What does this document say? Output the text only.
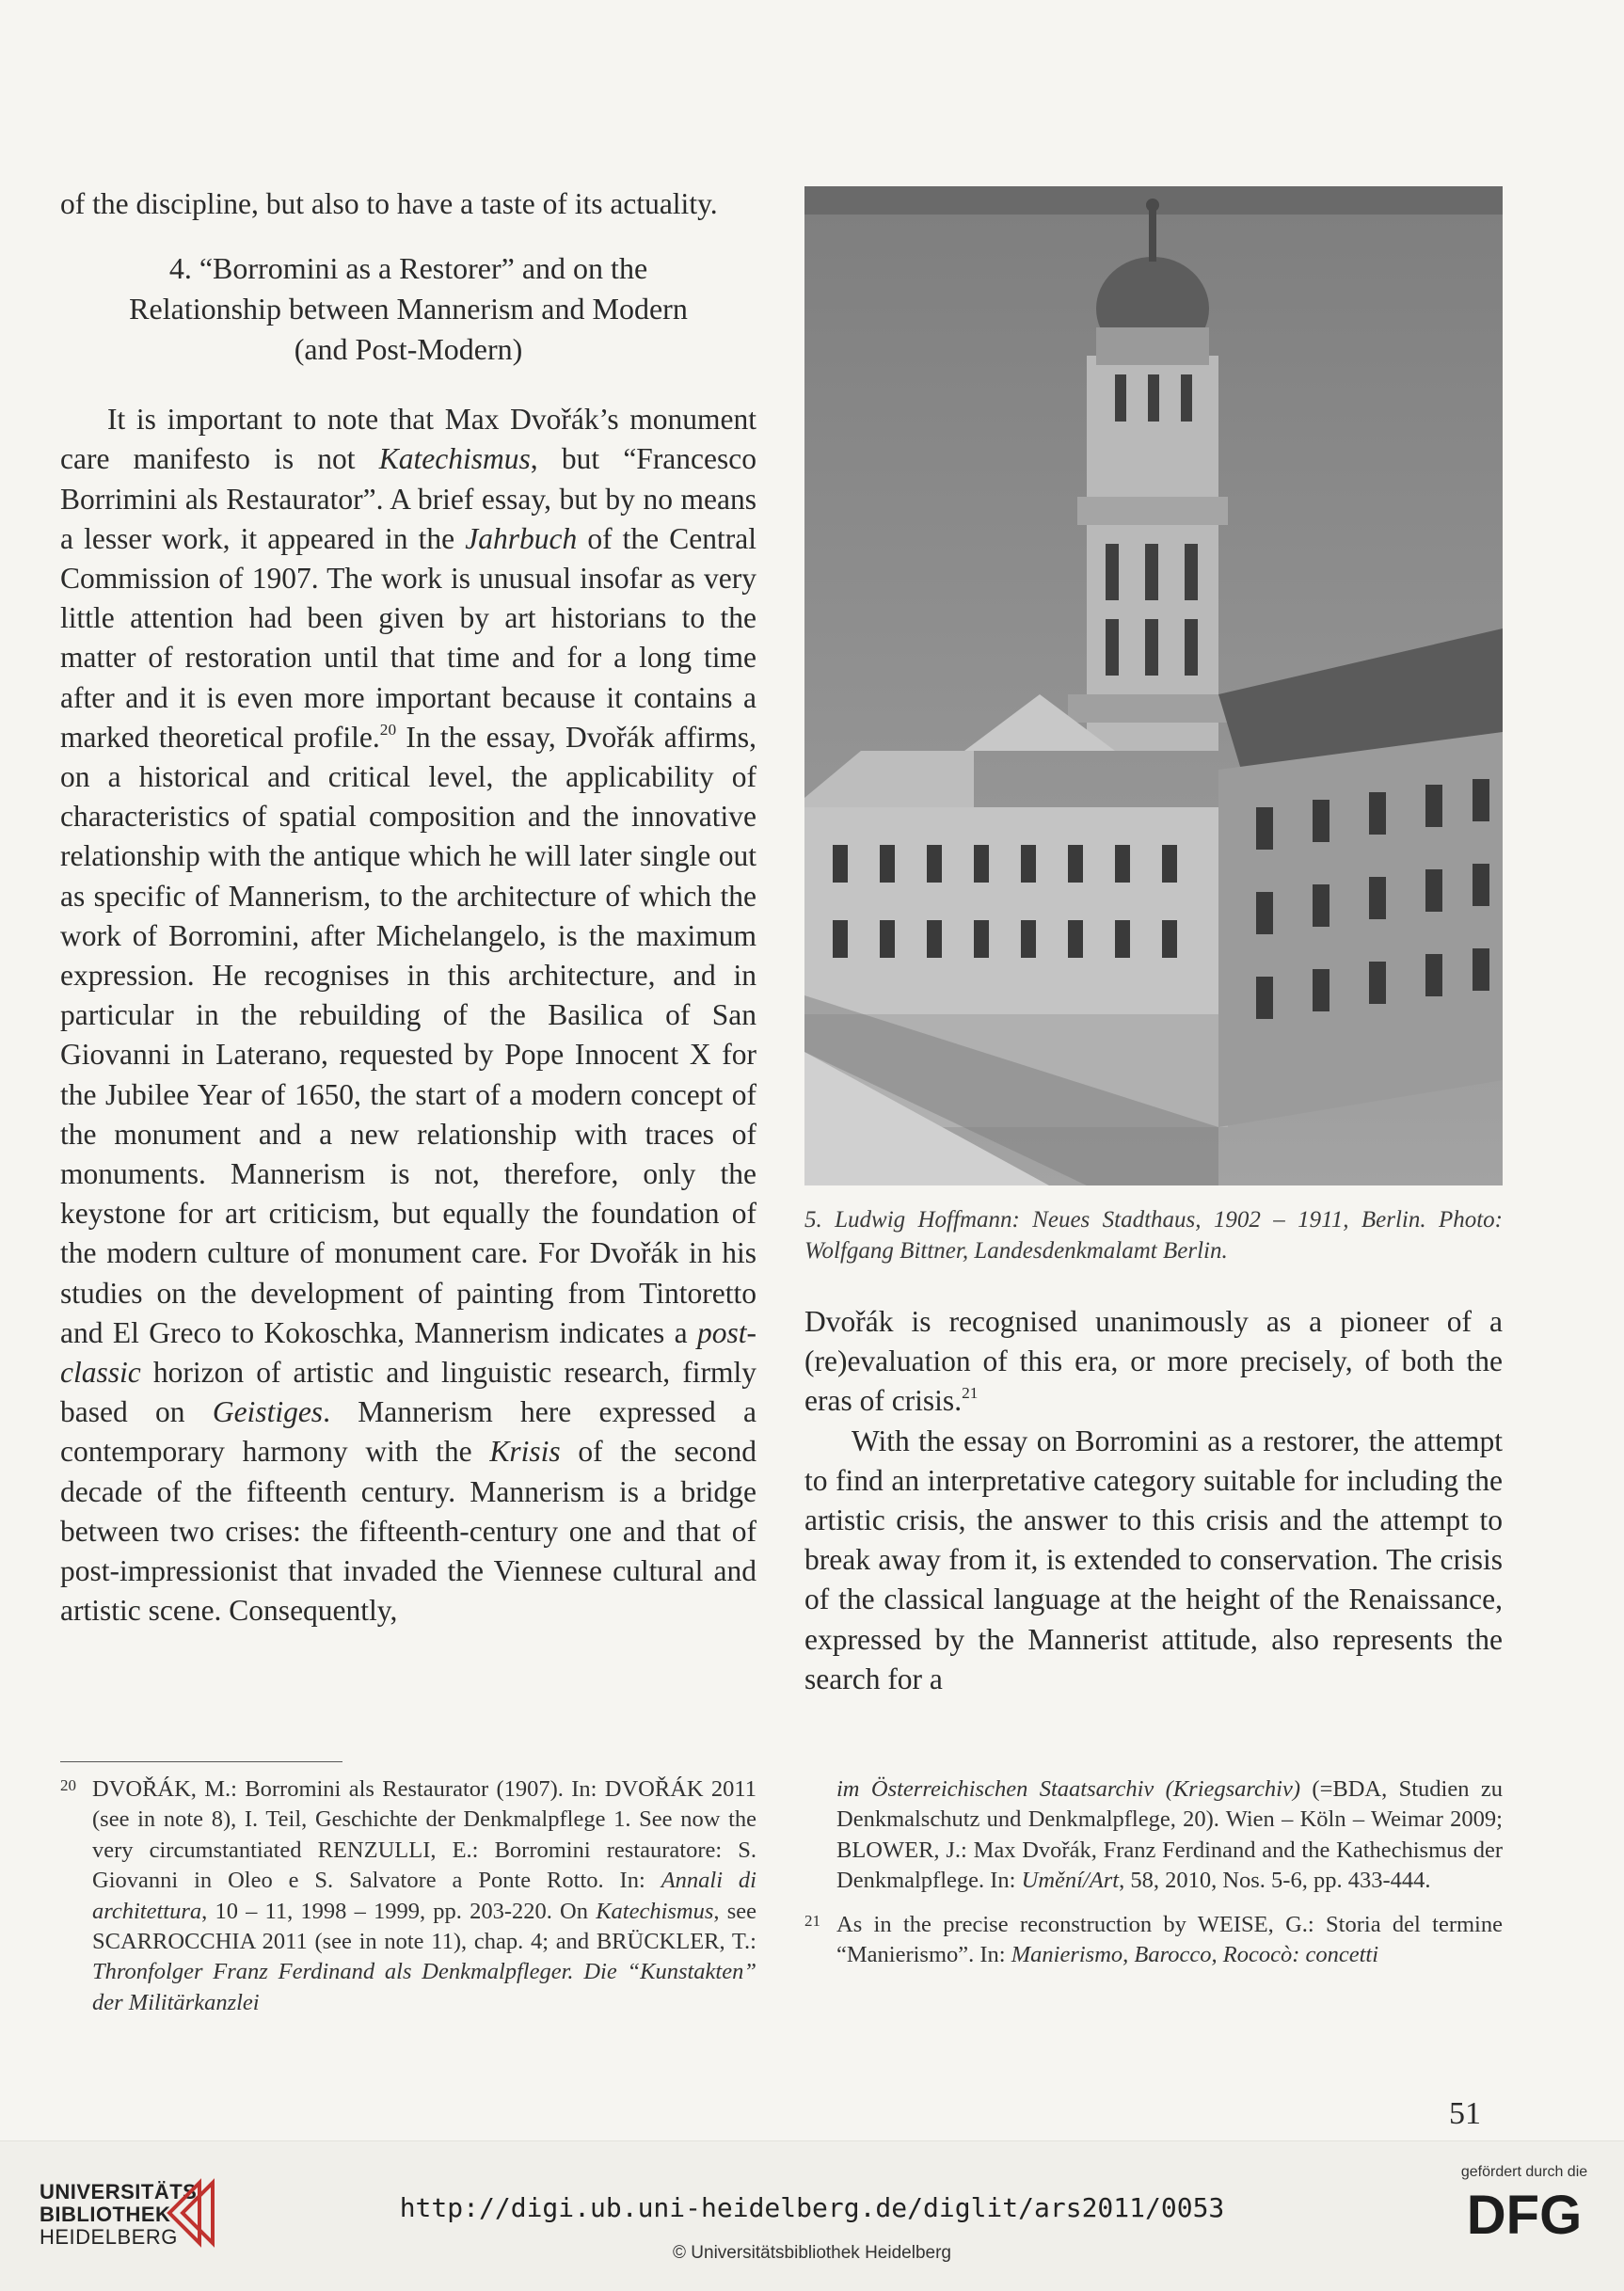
of the discipline, but also to have a taste of its actuality.

4. “Borromini as a Restorer” and on the
Relationship between Mannerism and Modern
(and Post-Modern)

It is important to note that Max Dvořák’s monument care manifesto is not Katechismus, but “Francesco Borrimini als Restaurator”. A brief essay, but by no means a lesser work, it appeared in the Jahrbuch of the Central Commission of 1907. The work is unusual insofar as very little attention had been given by art historians to the matter of restoration until that time and for a long time after and it is even more important because it contains a marked theoretical profile.$^{20}$ In the essay, Dvořák affirms, on a historical and critical level, the applicability of characteristics of spatial composition and the innovative relationship with the antique which he will later single out as specific of Mannerism, to the architecture of which the work of Borromini, after Michelangelo, is the maximum expression. He recognises in this architecture, and in particular in the rebuilding of the Basilica of San Giovanni in Laterano, requested by Pope Innocent X for the Jubilee Year of 1650, the start of a modern concept of the monument and a new relationship with traces of monuments. Mannerism is not, therefore, only the keystone for art criticism, but equally the foundation of the modern culture of monument care. For Dvořák in his studies on the development of painting from Tintoretto and El Greco to Kokoschka, Mannerism indicates a post-classic horizon of artistic and linguistic research, firmly based on Geistiges. Mannerism here expressed a contemporary harmony with the Krisis of the second decade of the fifteenth century. Mannerism is a bridge between two crises: the fifteenth-century one and that of post-impressionist that invaded the Viennese cultural and artistic scene. Consequently,

5. Ludwig Hoffmann: Neues Stadthaus, 1902 – 1911, Berlin. Photo: Wolfgang Bittner, Landesdenkmalamt Berlin.

Dvořák is recognised unanimously as a pioneer of a (re)evaluation of this era, or more precisely, of both the eras of crisis.$^{21}$

With the essay on Borromini as a restorer, the attempt to find an interpretative category suitable for including the artistic crisis, the answer to this crisis and the attempt to break away from it, is extended to conservation. The crisis of the classical language at the height of the Renaissance, expressed by the Mannerist attitude, also represents the search for a

20 DVOŘÁK, M.: Borromini als Restaurator (1907). In: DVOŘÁK 2011 (see in note 8), I. Teil, Geschichte der Denkmalpflege 1. See now the very circumstantiated RENZULLI, E.: Borromini restauratore: S. Giovanni in Oleo e S. Salvatore a Ponte Rotto. In: Annali di architettura, 10 – 11, 1998 – 1999, pp. 203-220. On Katechismus, see SCARROCCHIA 2011 (see in note 11), chap. 4; and BRÜCKLER, T.: Thronfolger Franz Ferdinand als Denkmalpfleger. Die “Kunstakten” der Militärkanzlei

im Österreichischen Staatsarchiv (Kriegsarchiv) (=BDA, Studien zu Denkmalschutz und Denkmalpflege, 20). Wien – Köln – Weimar 2009; BLOWER, J.: Max Dvořák, Franz Ferdinand and the Kathechismus der Denkmalpflege. In: Umění/Art, 58, 2010, Nos. 5-6, pp. 433-444.

21 As in the precise reconstruction by WEISE, G.: Storia del termine “Manierismo”. In: Manierismo, Barocco, Rococò: concetti

51
UNIVERSITÄTS-
BIBLIOTHEK
HEIDELBERG
http://digi.ub.uni-heidelberg.de/diglit/ars2011/0053
© Universitätsbibliothek Heidelberg
gefördert durch die
DFG
